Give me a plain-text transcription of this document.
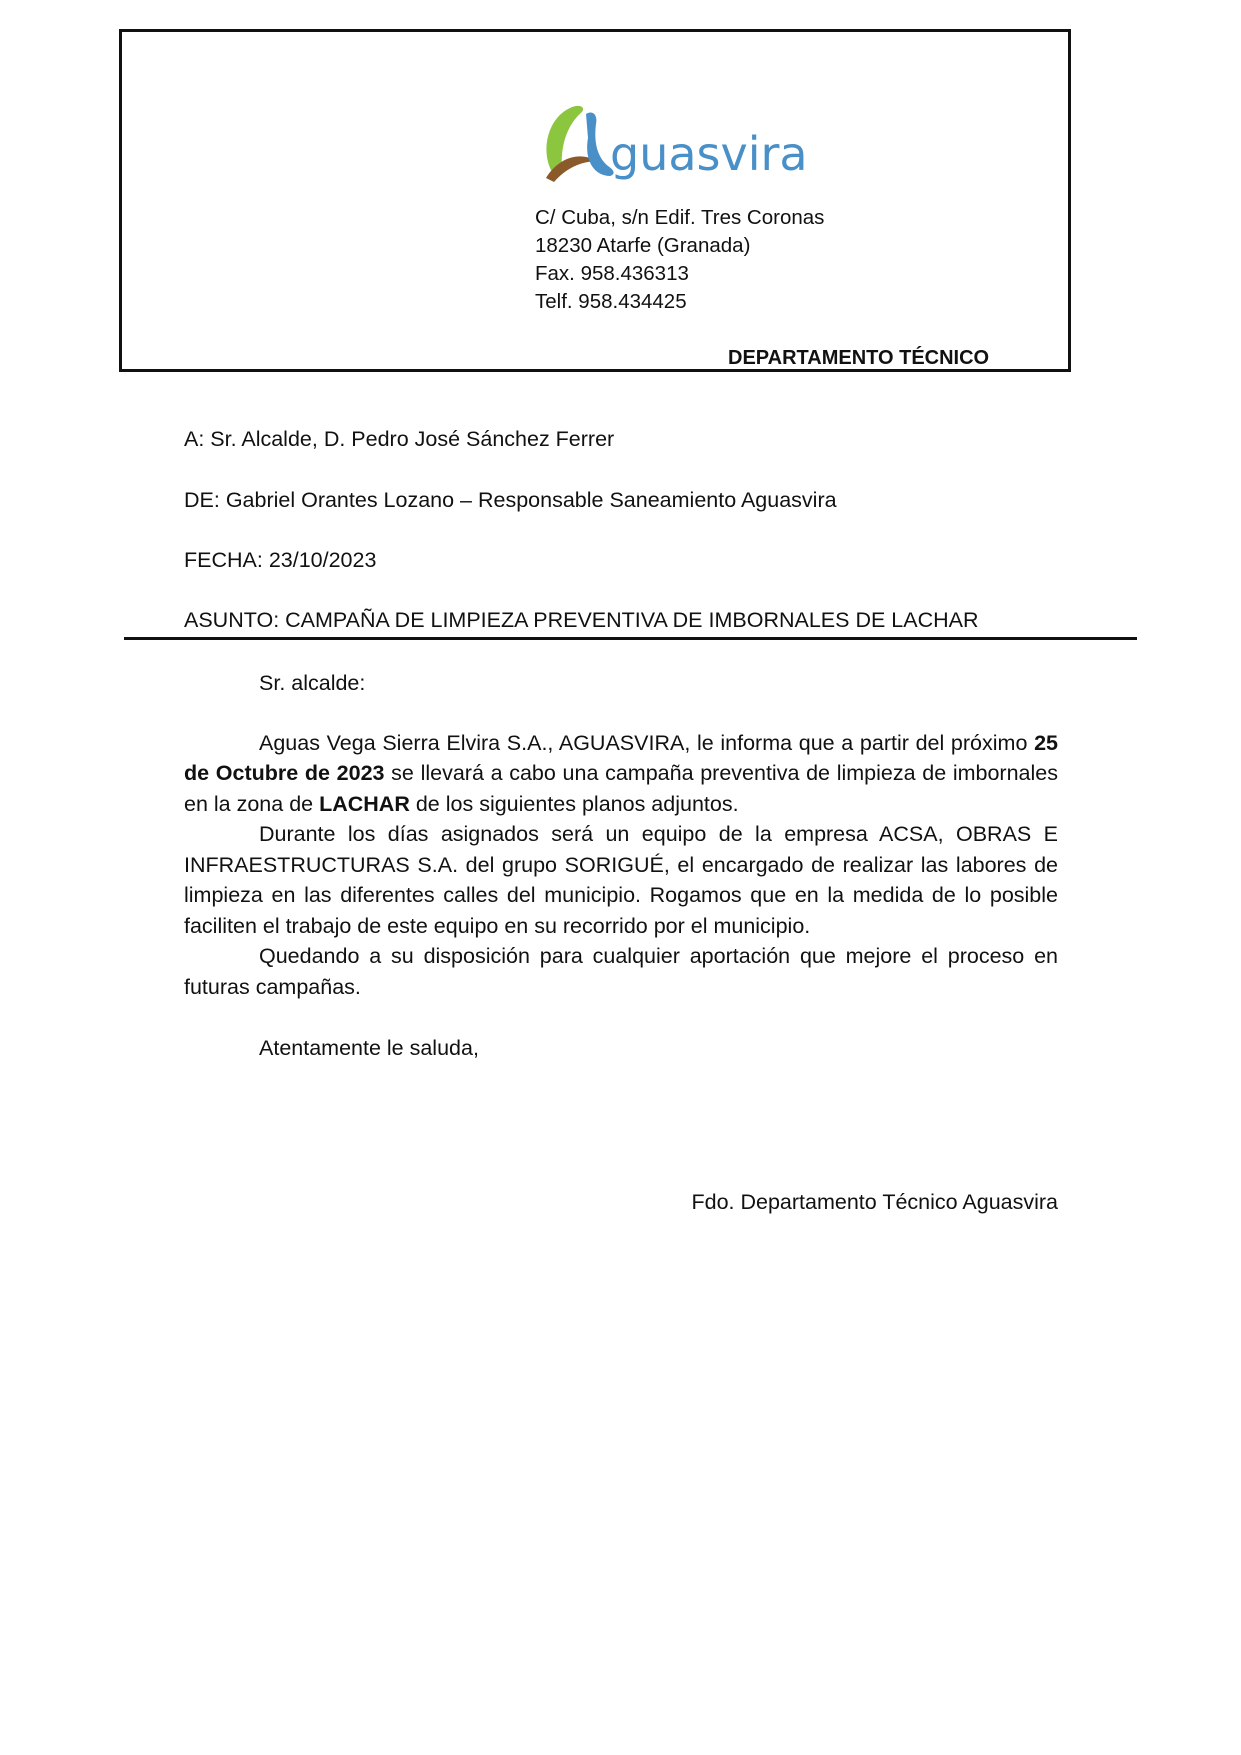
guasvira
C/ Cuba, s/n Edif. Tres Coronas
18230 Atarfe (Granada)
Fax. 958.436313
Telf. 958.434425
DEPARTAMENTO TÉCNICO
A: Sr. Alcalde, D. Pedro José Sánchez Ferrer
DE: Gabriel Orantes Lozano – Responsable Saneamiento Aguasvira
FECHA: 23/10/2023
ASUNTO: CAMPAÑA DE LIMPIEZA PREVENTIVA DE IMBORNALES DE LACHAR

Sr. alcalde:

Aguas Vega Sierra Elvira S.A., AGUASVIRA, le informa que a partir del próximo 25 de Octubre de 2023 se llevará a cabo una campaña preventiva de limpieza de imbornales en la zona de LACHAR de los siguientes planos adjuntos.

Durante los días asignados será un equipo de la empresa ACSA, OBRAS E INFRAESTRUCTURAS S.A. del grupo SORIGUÉ, el encargado de realizar las labores de limpieza en las diferentes calles del municipio. Rogamos que en la medida de lo posible faciliten el trabajo de este equipo en su recorrido por el municipio.

Quedando a su disposición para cualquier aportación que mejore el proceso en futuras campañas.

Atentamente le saluda,
Fdo. Departamento Técnico Aguasvira
